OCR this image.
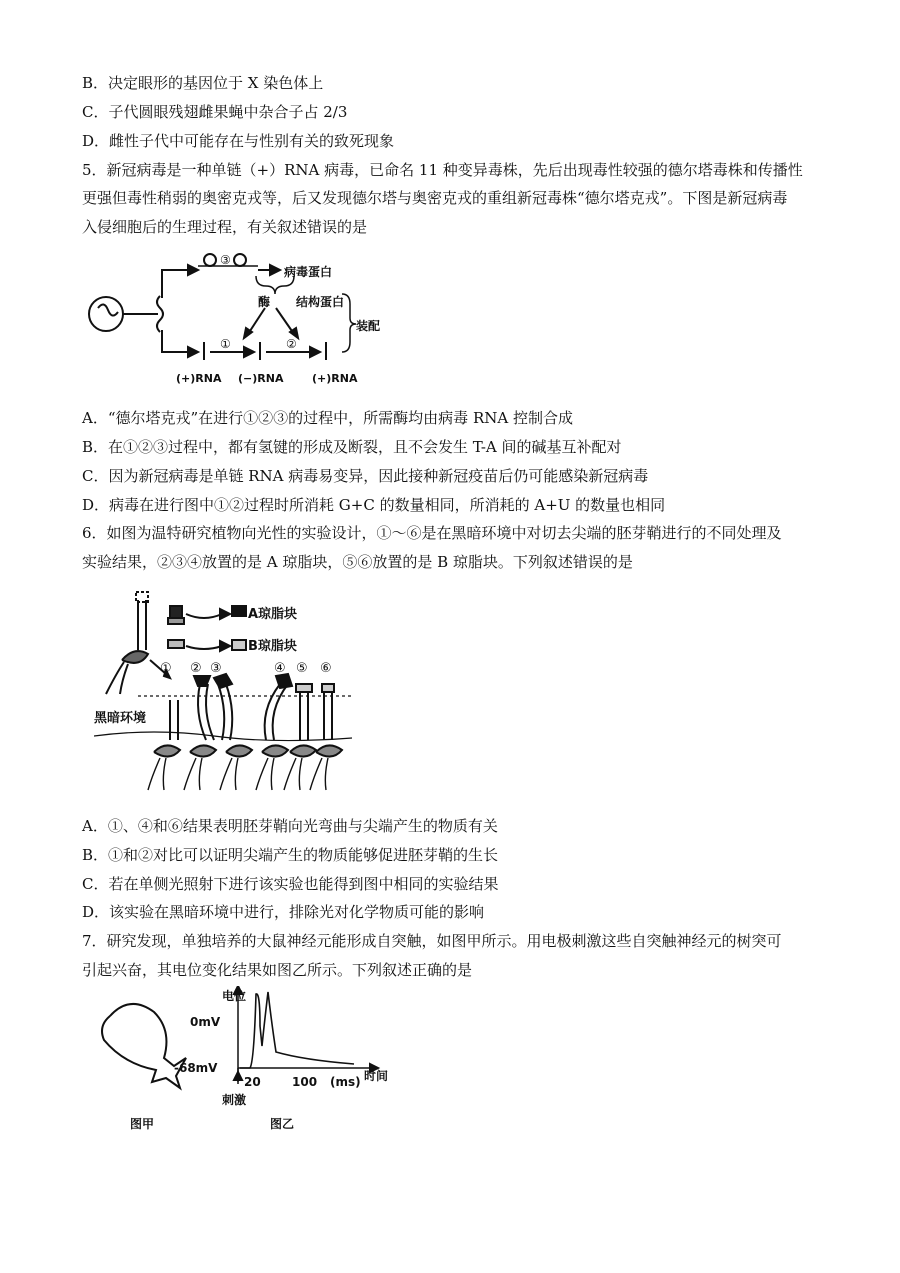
B．决定眼形的基因位于 X 染色体上
C．子代圆眼残翅雌果蝇中杂合子占 2/3
D．雌性子代中可能存在与性别有关的致死现象
5．新冠病毒是一种单链（+）RNA 病毒，已命名 11 种变异毒株，先后出现毒性较强的德尔塔毒株和传播性
更强但毒性稍弱的奥密克戎等，后又发现德尔塔与奥密克戎的重组新冠毒株“德尔塔克戎”。下图是新冠病毒
入侵细胞后的生理过程，有关叙述错误的是
③
病毒蛋白
酶 结构蛋白
装配
①	②
(+)RNA (−)RNA	(+)RNA
A．“德尔塔克戎”在进行①②③的过程中，所需酶均由病毒 RNA 控制合成
B．在①②③过程中，都有氢键的形成及断裂，且不会发生 T-A 间的碱基互补配对
C．因为新冠病毒是单链 RNA 病毒易变异，因此接种新冠疫苗后仍可能感染新冠病毒
D．病毒在进行图中①②过程时所消耗 G+C 的数量相同，所消耗的 A+U 的数量也相同
6．如图为温特研究植物向光性的实验设计，①～⑥是在黑暗环境中对切去尖端的胚芽鞘进行的不同处理及
实验结果，②③④放置的是 A 琼脂块，⑤⑥放置的是 B 琼脂块。下列叙述错误的是
A琼脂块
B琼脂块
黑暗环境
① ② ③	④ ⑤ ⑥
A．①、④和⑥结果表明胚芽鞘向光弯曲与尖端产生的物质有关
B．①和②对比可以证明尖端产生的物质能够促进胚芽鞘的生长
C．若在单侧光照射下进行该实验也能得到图中相同的实验结果
D．该实验在黑暗环境中进行，排除光对化学物质可能的影响
7．研究发现，单独培养的大鼠神经元能形成自突触，如图甲所示。用电极刺激这些自突触神经元的树突可
引起兴奋，其电位变化结果如图乙所示。下列叙述正确的是
电位
0mV
-68mV
20	100 (ms) 时间
刺激
图甲	图乙
